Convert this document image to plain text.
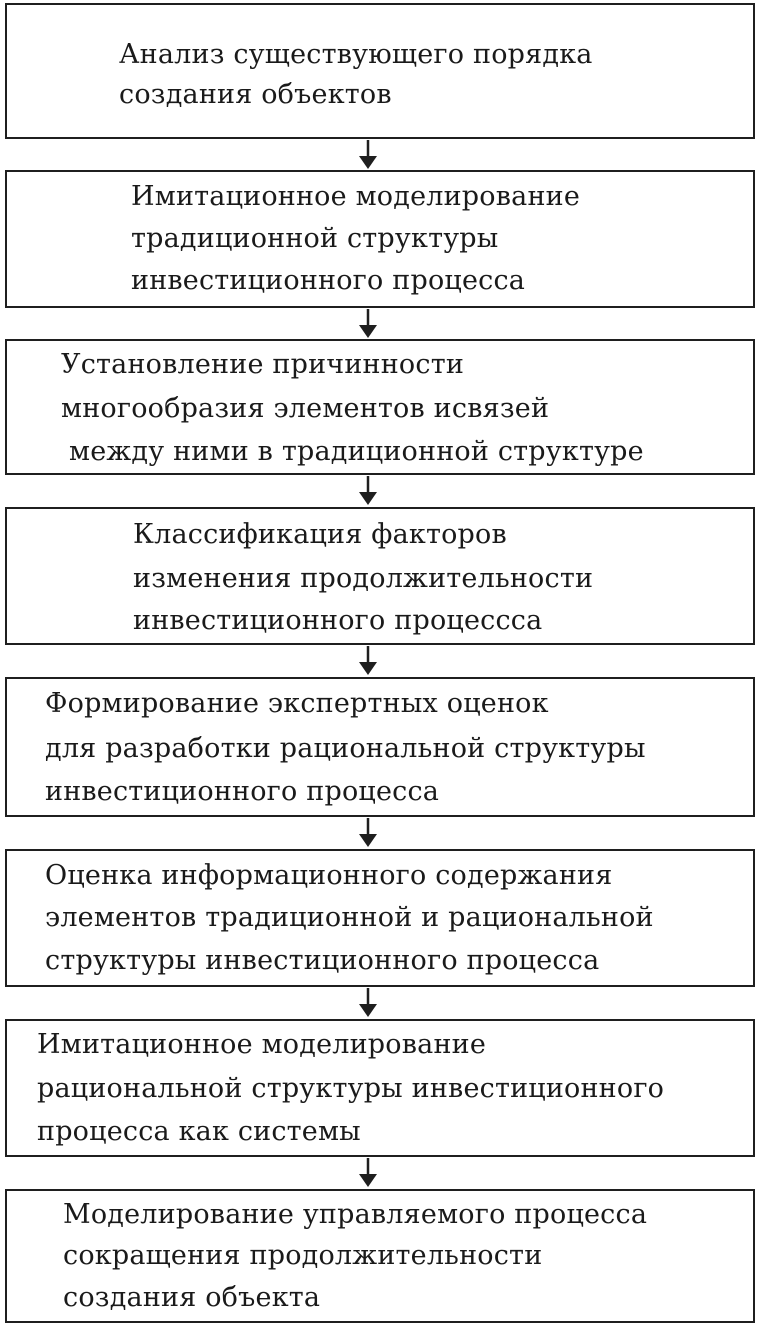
Анализ существующего порядка
создания объектов
Имитационное моделирование
традиционной структуры
инвестиционного процесса
Установление причинности
многообразия элементов исвязей
между ними в традиционной структуре
Классификация факторов
изменения продолжительности
инвестиционного процессса
Формирование экспертных оценок
для разработки рациональной структуры
инвестиционного процесса
Оценка информационного содержания
элементов традиционной и рациональной
структуры инвестиционного процесса
Имитационное моделирование
рациональной структуры инвестиционного
процесса как системы
Моделирование управляемого процесса
сокращения продолжительности
создания объекта
